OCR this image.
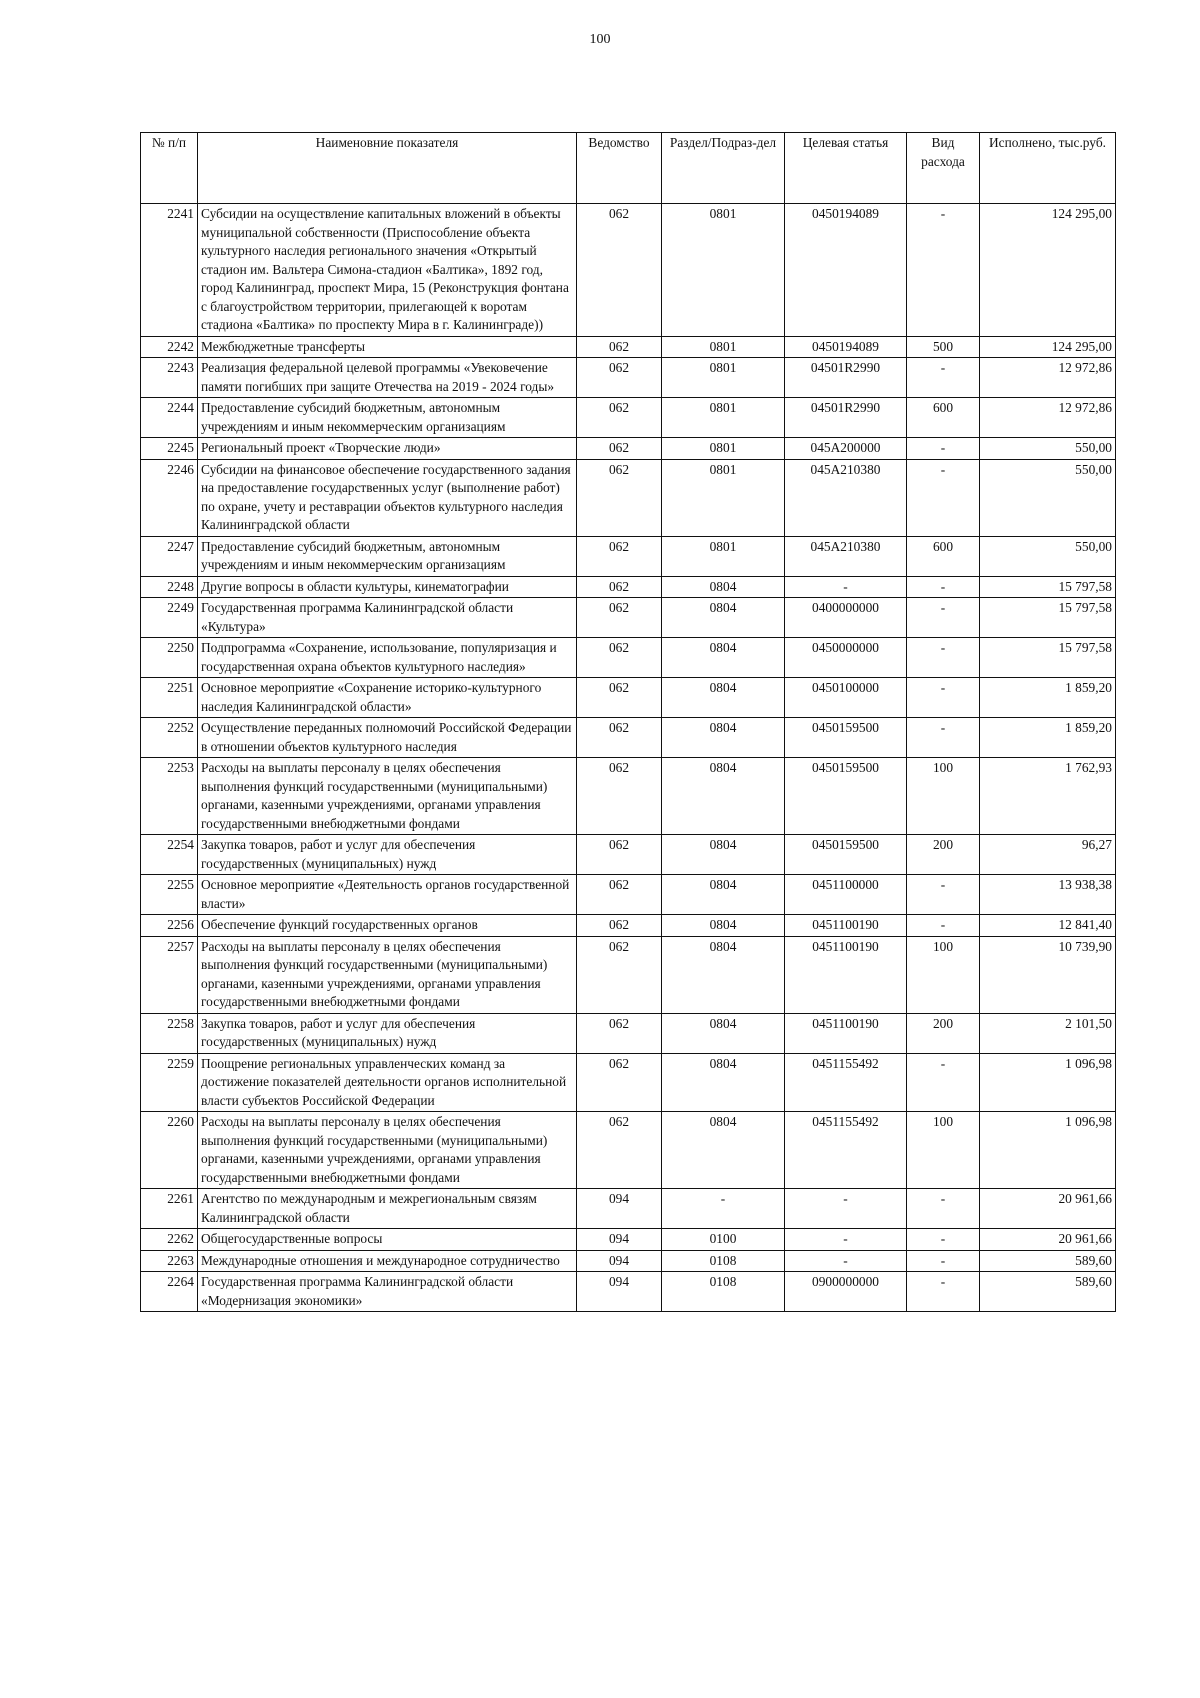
100
№ п/п	Наименовние показателя	Ведомство	Раздел/Подраз-дел	Целевая статья	Вид расхода	Исполнено, тыс.руб.
2241	Субсидии на осуществление капитальных вложений в объекты муниципальной собственности (Приспособление объекта культурного наследия регионального значения «Открытый стадион им. Вальтера Симона-стадион «Балтика», 1892 год, город Калининград, проспект Мира, 15 (Реконструкция фонтана с благоустройством территории, прилегающей к воротам стадиона «Балтика» по проспекту Мира в г. Калининграде))	062	0801	0450194089	-	124 295,00
2242	Межбюджетные трансферты	062	0801	0450194089	500	124 295,00
2243	Реализация федеральной целевой программы «Увековечение памяти погибших при защите Отечества на 2019 - 2024 годы»	062	0801	04501R2990	-	12 972,86
2244	Предоставление субсидий бюджетным, автономным учреждениям и иным некоммерческим организациям	062	0801	04501R2990	600	12 972,86
2245	Региональный проект «Творческие люди»	062	0801	045A200000	-	550,00
2246	Субсидии на финансовое обеспечение государственного задания на предоставление государственных услуг (выполнение работ) по охране, учету и реставрации объектов культурного наследия Калининградской области	062	0801	045A210380	-	550,00
2247	Предоставление субсидий бюджетным, автономным учреждениям и иным некоммерческим организациям	062	0801	045A210380	600	550,00
2248	Другие вопросы в области культуры, кинематографии	062	0804	-	-	15 797,58
2249	Государственная программа Калининградской области «Культура»	062	0804	0400000000	-	15 797,58
2250	Подпрограмма «Сохранение, использование, популяризация и государственная охрана объектов культурного наследия»	062	0804	0450000000	-	15 797,58
2251	Основное мероприятие «Сохранение историко-культурного наследия Калининградской области»	062	0804	0450100000	-	1 859,20
2252	Осуществление переданных полномочий Российской Федерации в отношении объектов культурного наследия	062	0804	0450159500	-	1 859,20
2253	Расходы на выплаты персоналу в целях обеспечения выполнения функций государственными (муниципальными) органами, казенными учреждениями, органами управления государственными внебюджетными фондами	062	0804	0450159500	100	1 762,93
2254	Закупка товаров, работ и услуг для обеспечения государственных (муниципальных) нужд	062	0804	0450159500	200	96,27
2255	Основное мероприятие «Деятельность органов государственной власти»	062	0804	0451100000	-	13 938,38
2256	Обеспечение функций государственных органов	062	0804	0451100190	-	12 841,40
2257	Расходы на выплаты персоналу в целях обеспечения выполнения функций государственными (муниципальными) органами, казенными учреждениями, органами управления государственными внебюджетными фондами	062	0804	0451100190	100	10 739,90
2258	Закупка товаров, работ и услуг для обеспечения государственных (муниципальных) нужд	062	0804	0451100190	200	2 101,50
2259	Поощрение региональных управленческих команд за достижение показателей деятельности органов исполнительной власти субъектов Российской Федерации	062	0804	0451155492	-	1 096,98
2260	Расходы на выплаты персоналу в целях обеспечения выполнения функций государственными (муниципальными) органами, казенными учреждениями, органами управления государственными внебюджетными фондами	062	0804	0451155492	100	1 096,98
2261	Агентство по международным и межрегиональным связям Калининградской области	094	-	-	-	20 961,66
2262	Общегосударственные вопросы	094	0100	-	-	20 961,66
2263	Международные отношения и международное сотрудничество	094	0108	-	-	589,60
2264	Государственная программа Калининградской области «Модернизация экономики»	094	0108	0900000000	-	589,60
